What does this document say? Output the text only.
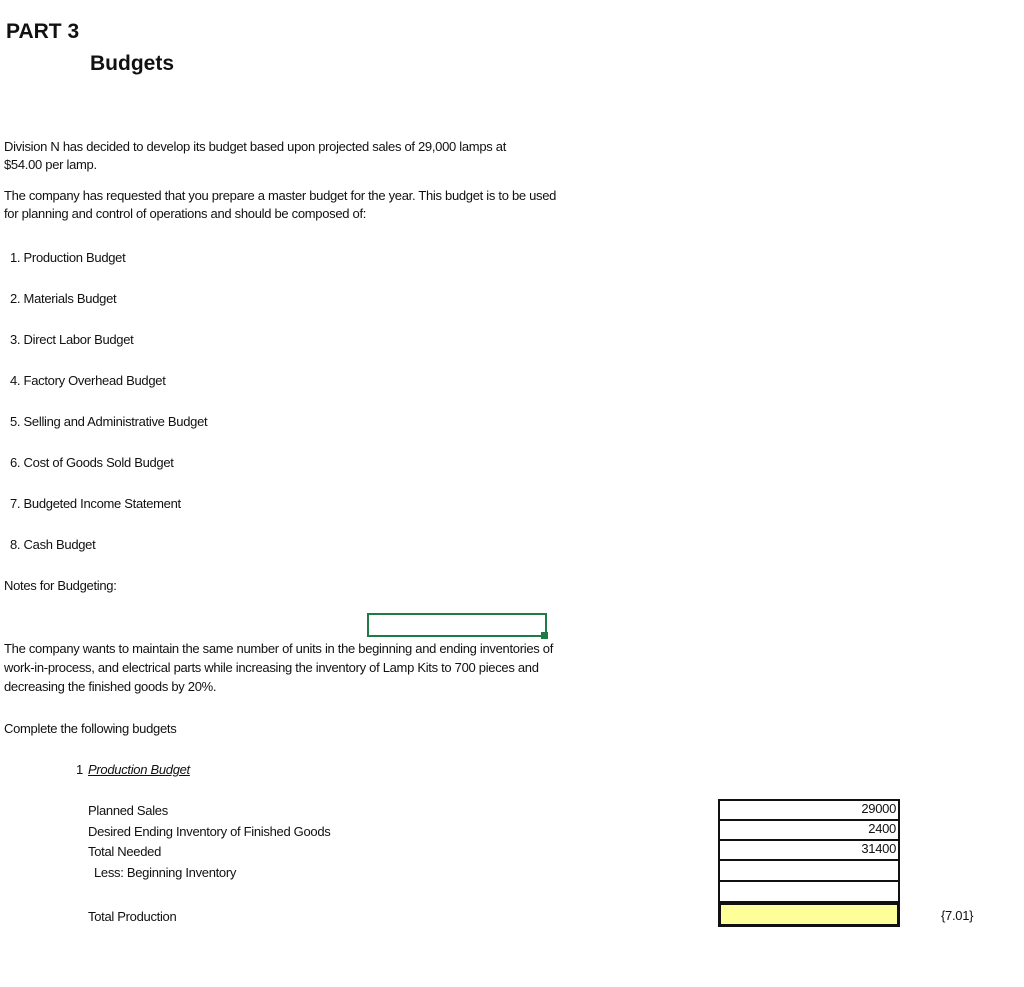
PART 3
Budgets
Division N has decided to develop its budget based upon projected sales of 29,000 lamps at
$54.00 per lamp.
The company has requested that you prepare a master budget for the year. This budget is to be used
for planning and control of operations and should be composed of:
1. Production Budget
2. Materials Budget
3. Direct Labor Budget
4. Factory Overhead Budget
5. Selling and Administrative Budget
6. Cost of Goods Sold Budget
7. Budgeted Income Statement
8. Cash Budget
Notes for Budgeting:
The company wants to maintain the same number of units in the beginning and ending inventories of
work-in-process, and electrical parts while increasing the inventory of Lamp Kits to 700 pieces and
decreasing the finished goods by 20%.
Complete the following budgets
1 Production Budget
Planned Sales
Desired Ending Inventory of Finished Goods
Total Needed
Less: Beginning Inventory
Total Production
29000
2400
31400
{7.01}
